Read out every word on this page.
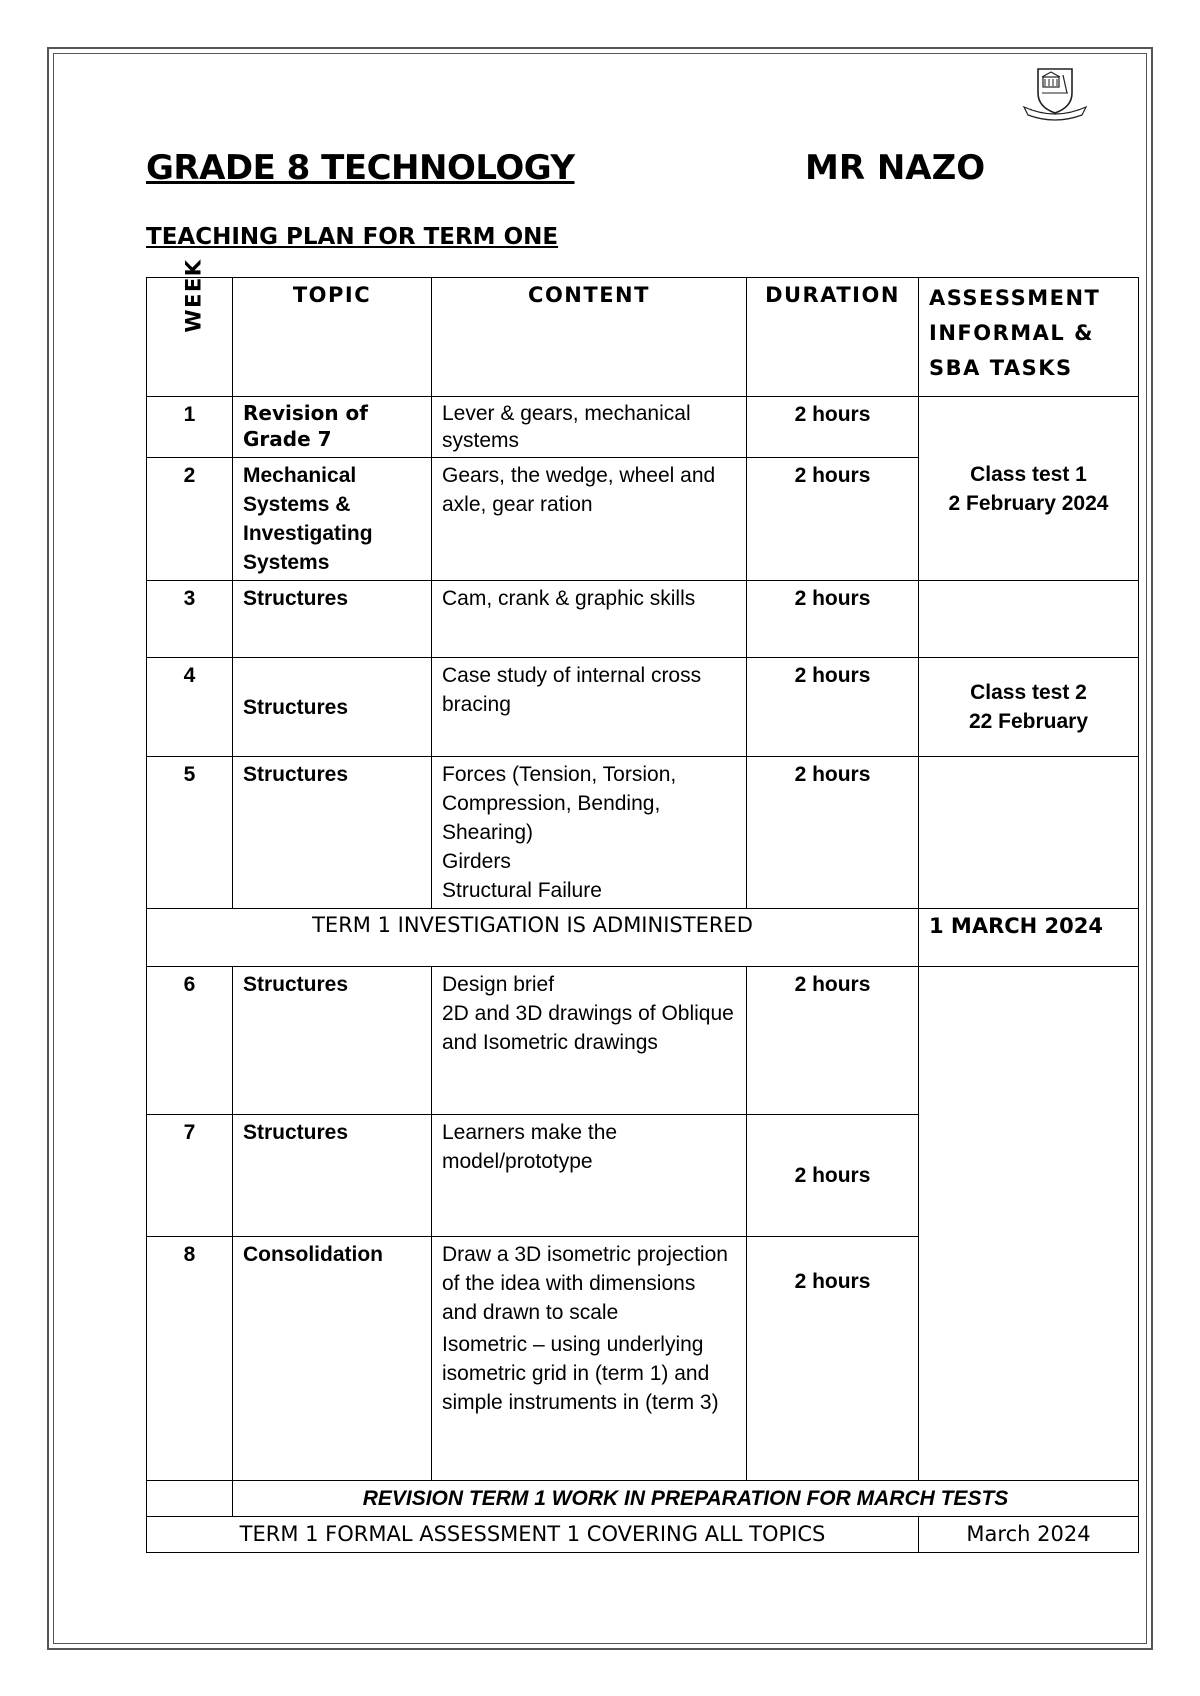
GRADE 8 TECHNOLOGY	MR NAZO
TEACHING PLAN FOR TERM ONE
WEEK	TOPIC	CONTENT	DURATION	ASSESSMENT
INFORMAL &
SBA TASKS

1	Revision of Grade 7	Lever & gears, mechanical systems	2 hours	Class test 1
2 February 2024

2	Mechanical Systems & Investigating Systems	Gears, the wedge, wheel and axle, gear ration	2 hours	
3	Structures	Cam, crank & graphic skills	2 hours	
4	Structures	Case study of internal cross bracing	2 hours	Class test 2
22 February

5	Structures	Forces (Tension, Torsion, Compression, Bending, Shearing)
Girders
Structural Failure	2 hours	
TERM 1 INVESTIGATION IS ADMINISTERED				1 MARCH 2024
6	Structures	Design brief
2D and 3D drawings of Oblique and Isometric drawings	2 hours	
7	Structures	Learners make the model/prototype	2 hours	
8	Consolidation	Draw a 3D isometric projection of the idea with dimensions and drawn to scale
Isometric – using underlying isometric grid in (term 1) and simple instruments in (term 3)	2 hours	
	REVISION TERM 1 WORK IN PREPARATION FOR MARCH TESTS			
TERM 1 FORMAL ASSESSMENT 1 COVERING ALL TOPICS				March 2024
